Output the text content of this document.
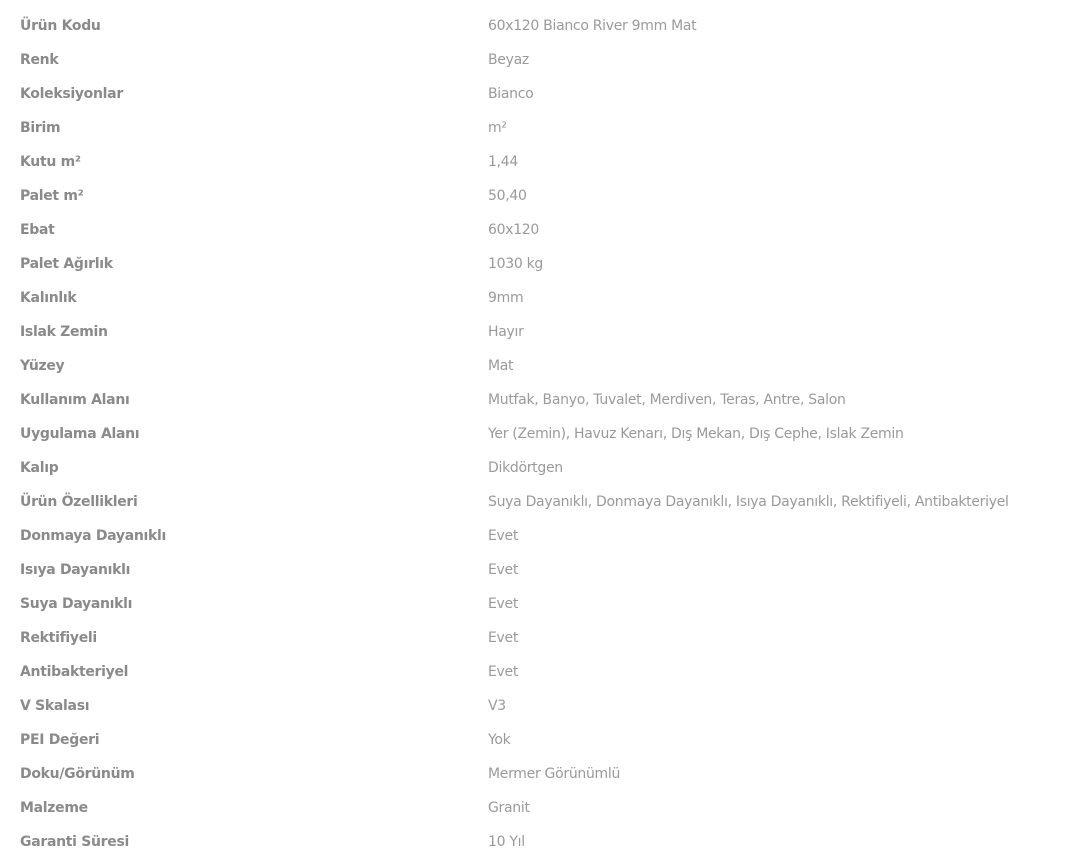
Ürün Kodu	60x120 Bianco River 9mm Mat
Renk	Beyaz
Koleksiyonlar	Bianco
Birim	m²
Kutu m²	1,44
Palet m²	50,40
Ebat	60x120
Palet Ağırlık	1030 kg
Kalınlık	9mm
Islak Zemin	Hayır
Yüzey	Mat
Kullanım Alanı	Mutfak, Banyo, Tuvalet, Merdiven, Teras, Antre, Salon
Uygulama Alanı	Yer (Zemin), Havuz Kenarı, Dış Mekan, Dış Cephe, Islak Zemin
Kalıp	Dikdörtgen
Ürün Özellikleri	Suya Dayanıklı, Donmaya Dayanıklı, Isıya Dayanıklı, Rektifiyeli, Antibakteriyel
Donmaya Dayanıklı	Evet
Isıya Dayanıklı	Evet
Suya Dayanıklı	Evet
Rektifiyeli	Evet
Antibakteriyel	Evet
V Skalası	V3
PEI Değeri	Yok
Doku/Görünüm	Mermer Görünümlü
Malzeme	Granit
Garanti Süresi	10 Yıl
